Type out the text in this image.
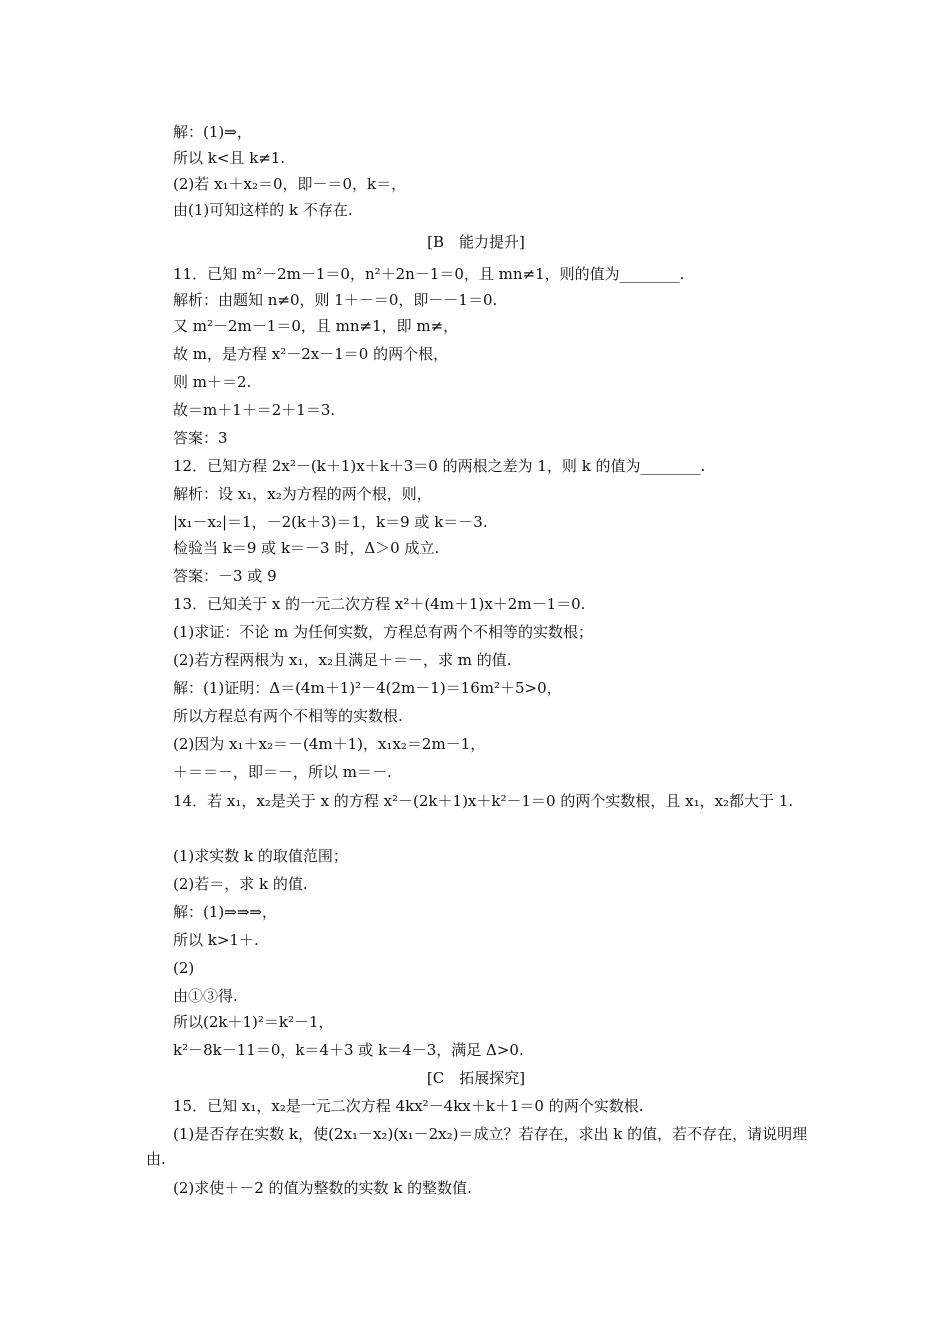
解：(1)⇒，
所以 k<且 k≠1.
(2)若 x₁＋x₂＝0，即－＝0，k＝，
由(1)可知这样的 k 不存在.
[B　能力提升]
11．已知 m²－2m－1＝0，n²＋2n－1＝0，且 mn≠1，则的值为________.
解析：由题知 n≠0，则 1＋－＝0，即－－1＝0.
又 m²－2m－1＝0，且 mn≠1，即 m≠，
故 m，是方程 x²－2x－1＝0 的两个根，
则 m＋＝2.
故＝m＋1＋＝2＋1＝3.
答案：3
12．已知方程 2x²－(k＋1)x＋k＋3＝0 的两根之差为 1，则 k 的值为________.
解析：设 x₁，x₂为方程的两个根，则，
|x₁－x₂|＝1，－2(k＋3)＝1，k＝9 或 k＝－3.
检验当 k＝9 或 k＝－3 时，Δ＞0 成立.
答案：－3 或 9
13．已知关于 x 的一元二次方程 x²＋(4m＋1)x＋2m－1＝0.
(1)求证：不论 m 为任何实数，方程总有两个不相等的实数根；
(2)若方程两根为 x₁，x₂且满足＋＝－，求 m 的值.
解：(1)证明：Δ＝(4m＋1)²－4(2m－1)＝16m²＋5>0，
所以方程总有两个不相等的实数根.
(2)因为 x₁＋x₂＝－(4m＋1)，x₁x₂＝2m－1，
＋＝＝－，即＝－，所以 m＝－.
14．若 x₁，x₂是关于 x 的方程 x²－(2k＋1)x＋k²－1＝0 的两个实数根，且 x₁，x₂都大于 1.
(1)求实数 k 的取值范围；
(2)若＝，求 k 的值.
解：(1)⇒⇒⇒，
所以 k>1＋.
(2)
由①③得.
所以(2k＋1)²＝k²－1，
k²－8k－11＝0，k＝4＋3 或 k＝4－3，满足 Δ>0.
[C　拓展探究]
15．已知 x₁，x₂是一元二次方程 4kx²－4kx＋k＋1＝0 的两个实数根.
(1)是否存在实数 k，使(2x₁－x₂)(x₁－2x₂)＝成立？若存在，求出 k 的值，若不存在，请说明理由.
(2)求使＋－2 的值为整数的实数 k 的整数值.
